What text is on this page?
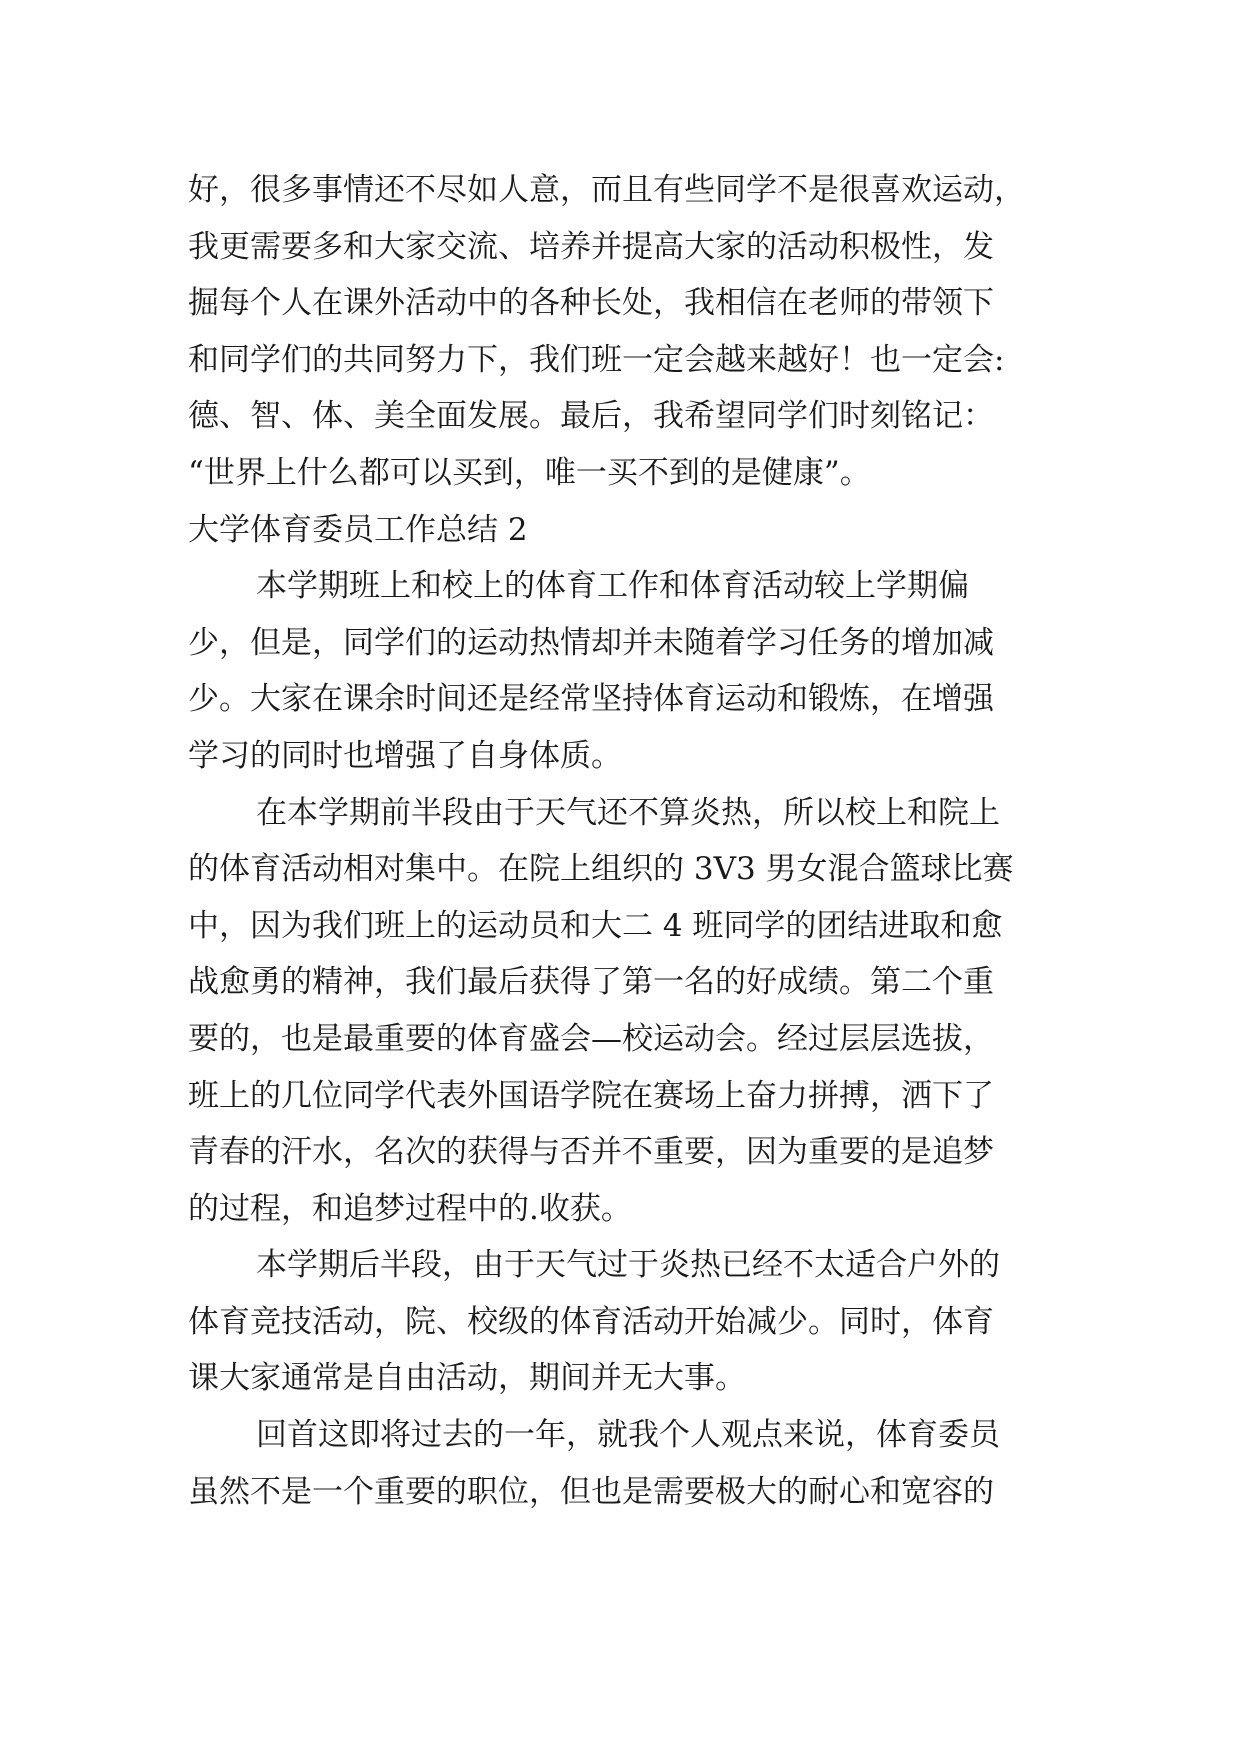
好，很多事情还不尽如人意，而且有些同学不是很喜欢运动，
我更需要多和大家交流、培养并提高大家的活动积极性，发
掘每个人在课外活动中的各种长处，我相信在老师的带领下
和同学们的共同努力下，我们班一定会越来越好！也一定会:
德、智、体、美全面发展。最后，我希望同学们时刻铭记：
“世界上什么都可以买到，唯一买不到的是健康”。
大学体育委员工作总结 2
本学期班上和校上的体育工作和体育活动较上学期偏
少，但是，同学们的运动热情却并未随着学习任务的增加减
少。大家在课余时间还是经常坚持体育运动和锻炼，在增强
学习的同时也增强了自身体质。
在本学期前半段由于天气还不算炎热，所以校上和院上
的体育活动相对集中。在院上组织的 3V3 男女混合篮球比赛
中，因为我们班上的运动员和大二 4 班同学的团结进取和愈
战愈勇的精神，我们最后获得了第一名的好成绩。第二个重
要的，也是最重要的体育盛会—校运动会。经过层层选拔，
班上的几位同学代表外国语学院在赛场上奋力拼搏，洒下了
青春的汗水，名次的获得与否并不重要，因为重要的是追梦
的过程，和追梦过程中的.收获。
本学期后半段，由于天气过于炎热已经不太适合户外的
体育竞技活动，院、校级的体育活动开始减少。同时，体育
课大家通常是自由活动，期间并无大事。
回首这即将过去的一年，就我个人观点来说，体育委员
虽然不是一个重要的职位，但也是需要极大的耐心和宽容的
